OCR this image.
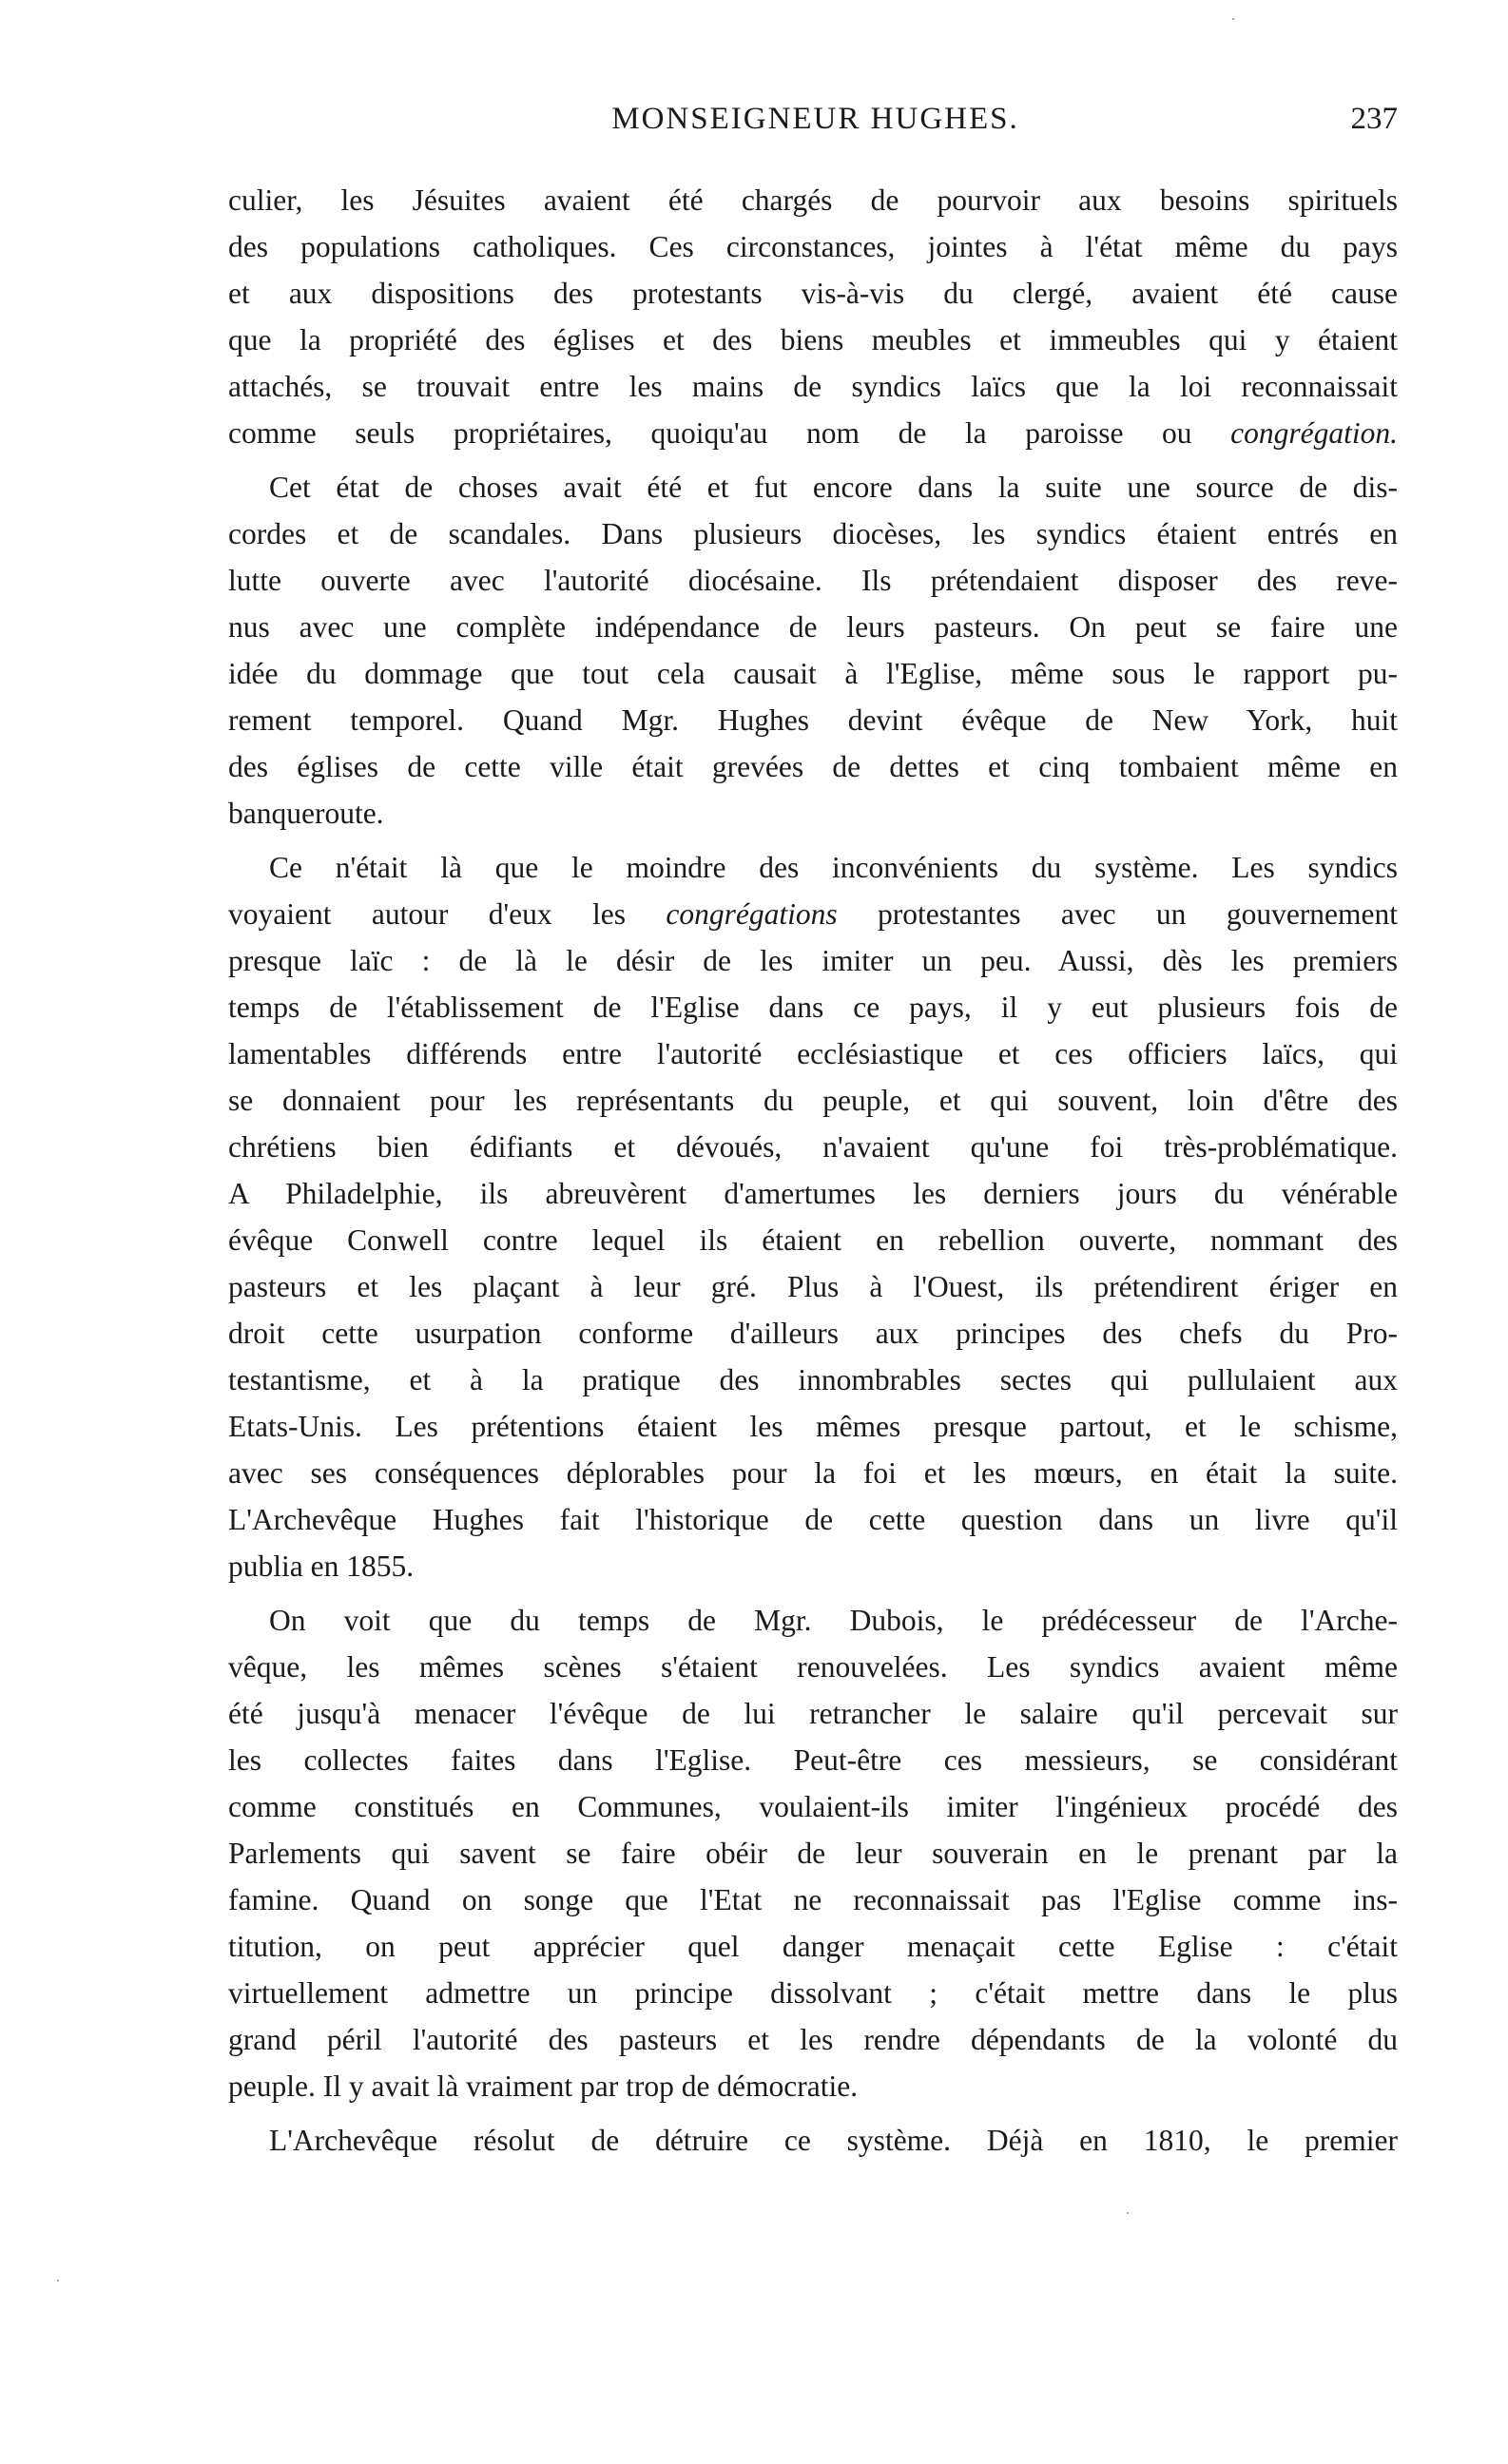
MONSEIGNEUR HUGHES.	237
culier, les Jésuites avaient été chargés de pourvoir aux besoins spirituels
des populations catholiques. Ces circonstances, jointes à l'état même du pays
et aux dispositions des protestants vis-à-vis du clergé, avaient été cause
que la propriété des églises et des biens meubles et immeubles qui y étaient
attachés, se trouvait entre les mains de syndics laïcs que la loi reconnaissait
comme seuls propriétaires, quoiqu'au nom de la paroisse ou congrégation.
Cet état de choses avait été et fut encore dans la suite une source de dis-
cordes et de scandales. Dans plusieurs diocèses, les syndics étaient entrés en
lutte ouverte avec l'autorité diocésaine. Ils prétendaient disposer des reve-
nus avec une complète indépendance de leurs pasteurs. On peut se faire une
idée du dommage que tout cela causait à l'Eglise, même sous le rapport pu-
rement temporel. Quand Mgr. Hughes devint évêque de New York, huit
des églises de cette ville était grevées de dettes et cinq tombaient même en
banqueroute.
Ce n'était là que le moindre des inconvénients du système. Les syndics
voyaient autour d'eux les congrégations protestantes avec un gouvernement
presque laïc : de là le désir de les imiter un peu. Aussi, dès les premiers
temps de l'établissement de l'Eglise dans ce pays, il y eut plusieurs fois de
lamentables différends entre l'autorité ecclésiastique et ces officiers laïcs, qui
se donnaient pour les représentants du peuple, et qui souvent, loin d'être des
chrétiens bien édifiants et dévoués, n'avaient qu'une foi très-problématique.
A Philadelphie, ils abreuvèrent d'amertumes les derniers jours du vénérable
évêque Conwell contre lequel ils étaient en rebellion ouverte, nommant des
pasteurs et les plaçant à leur gré. Plus à l'Ouest, ils prétendirent ériger en
droit cette usurpation conforme d'ailleurs aux principes des chefs du Pro-
testantisme, et à la pratique des innombrables sectes qui pullulaient aux
Etats-Unis. Les prétentions étaient les mêmes presque partout, et le schisme,
avec ses conséquences déplorables pour la foi et les mœurs, en était la suite.
L'Archevêque Hughes fait l'historique de cette question dans un livre qu'il
publia en 1855.
On voit que du temps de Mgr. Dubois, le prédécesseur de l'Arche-
vêque, les mêmes scènes s'étaient renouvelées. Les syndics avaient même
été jusqu'à menacer l'évêque de lui retrancher le salaire qu'il percevait sur
les collectes faites dans l'Eglise. Peut-être ces messieurs, se considérant
comme constitués en Communes, voulaient-ils imiter l'ingénieux procédé des
Parlements qui savent se faire obéir de leur souverain en le prenant par la
famine. Quand on songe que l'Etat ne reconnaissait pas l'Eglise comme ins-
titution, on peut apprécier quel danger menaçait cette Eglise : c'était
virtuellement admettre un principe dissolvant ; c'était mettre dans le plus
grand péril l'autorité des pasteurs et les rendre dépendants de la volonté du
peuple. Il y avait là vraiment par trop de démocratie.
L'Archevêque résolut de détruire ce système. Déjà en 1810, le premier
